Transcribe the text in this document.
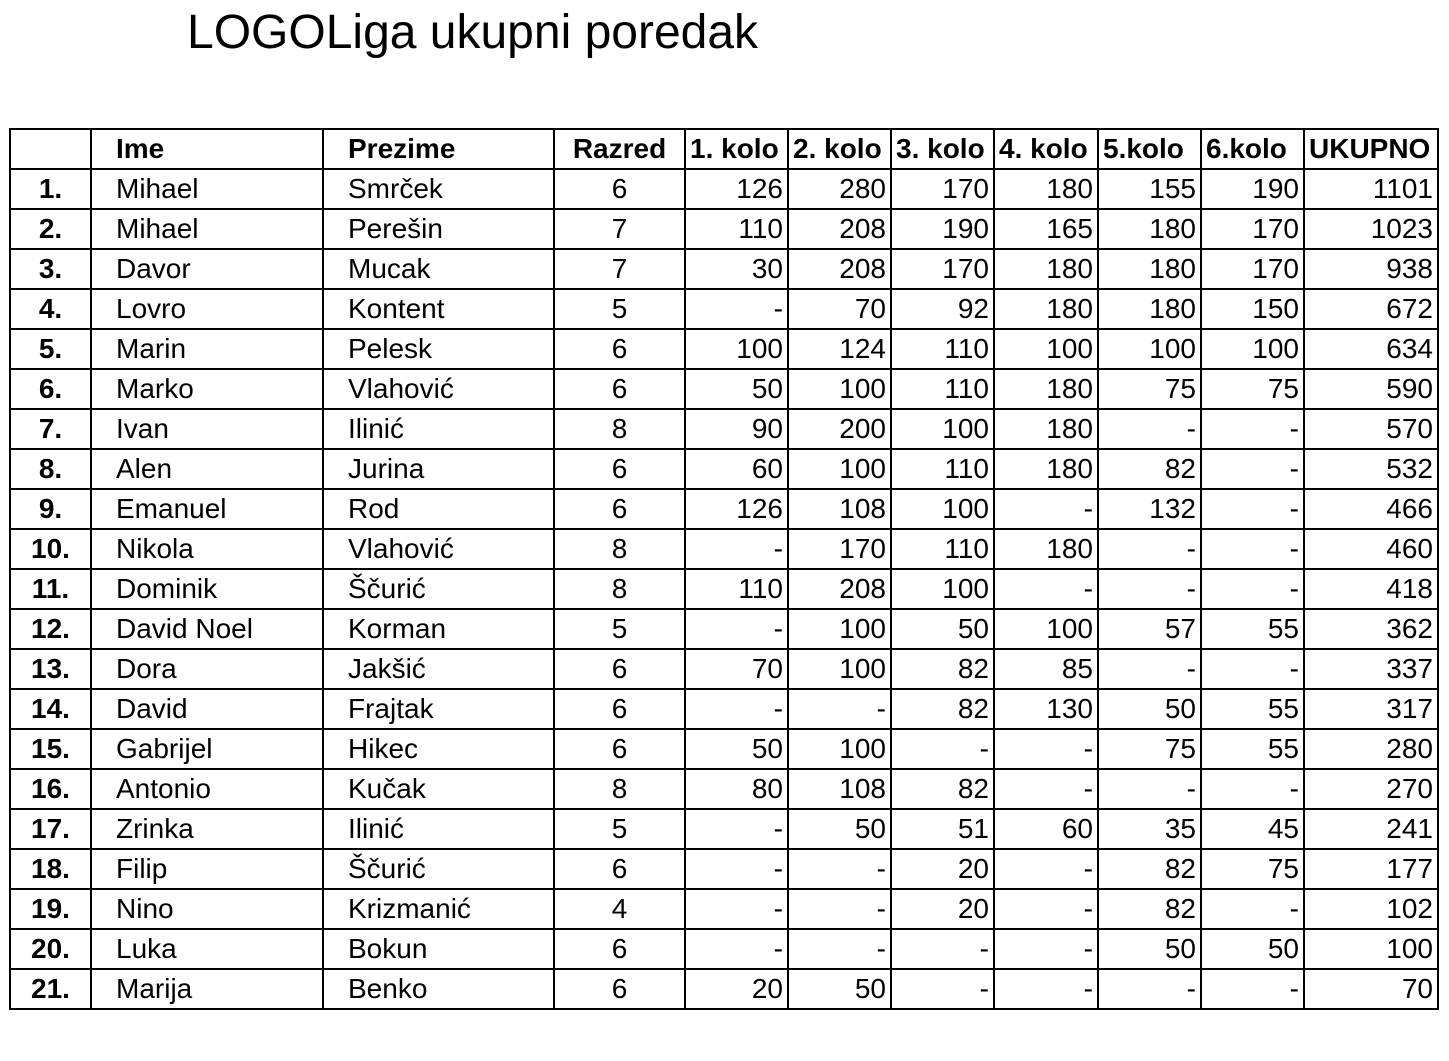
LOGOLiga ukupni poredak
	Ime	Prezime	Razred	1. kolo	2. kolo	3. kolo	4. kolo	5.kolo	6.kolo	UKUPNO
1.	Mihael	Smrček	6	126	280	170	180	155	190	1101
2.	Mihael	Perešin	7	110	208	190	165	180	170	1023
3.	Davor	Mucak	7	30	208	170	180	180	170	938
4.	Lovro	Kontent	5	-	70	92	180	180	150	672
5.	Marin	Pelesk	6	100	124	110	100	100	100	634
6.	Marko	Vlahović	6	50	100	110	180	75	75	590
7.	Ivan	Ilinić	8	90	200	100	180	-	-	570
8.	Alen	Jurina	6	60	100	110	180	82	-	532
9.	Emanuel	Rod	6	126	108	100	-	132	-	466
10.	Nikola	Vlahović	8	-	170	110	180	-	-	460
11.	Dominik	Ščurić	8	110	208	100	-	-	-	418
12.	David Noel	Korman	5	-	100	50	100	57	55	362
13.	Dora	Jakšić	6	70	100	82	85	-	-	337
14.	David	Frajtak	6	-	-	82	130	50	55	317
15.	Gabrijel	Hikec	6	50	100	-	-	75	55	280
16.	Antonio	Kučak	8	80	108	82	-	-	-	270
17.	Zrinka	Ilinić	5	-	50	51	60	35	45	241
18.	Filip	Ščurić	6	-	-	20	-	82	75	177
19.	Nino	Krizmanić	4	-	-	20	-	82	-	102
20.	Luka	Bokun	6	-	-	-	-	50	50	100
21.	Marija	Benko	6	20	50	-	-	-	-	70
